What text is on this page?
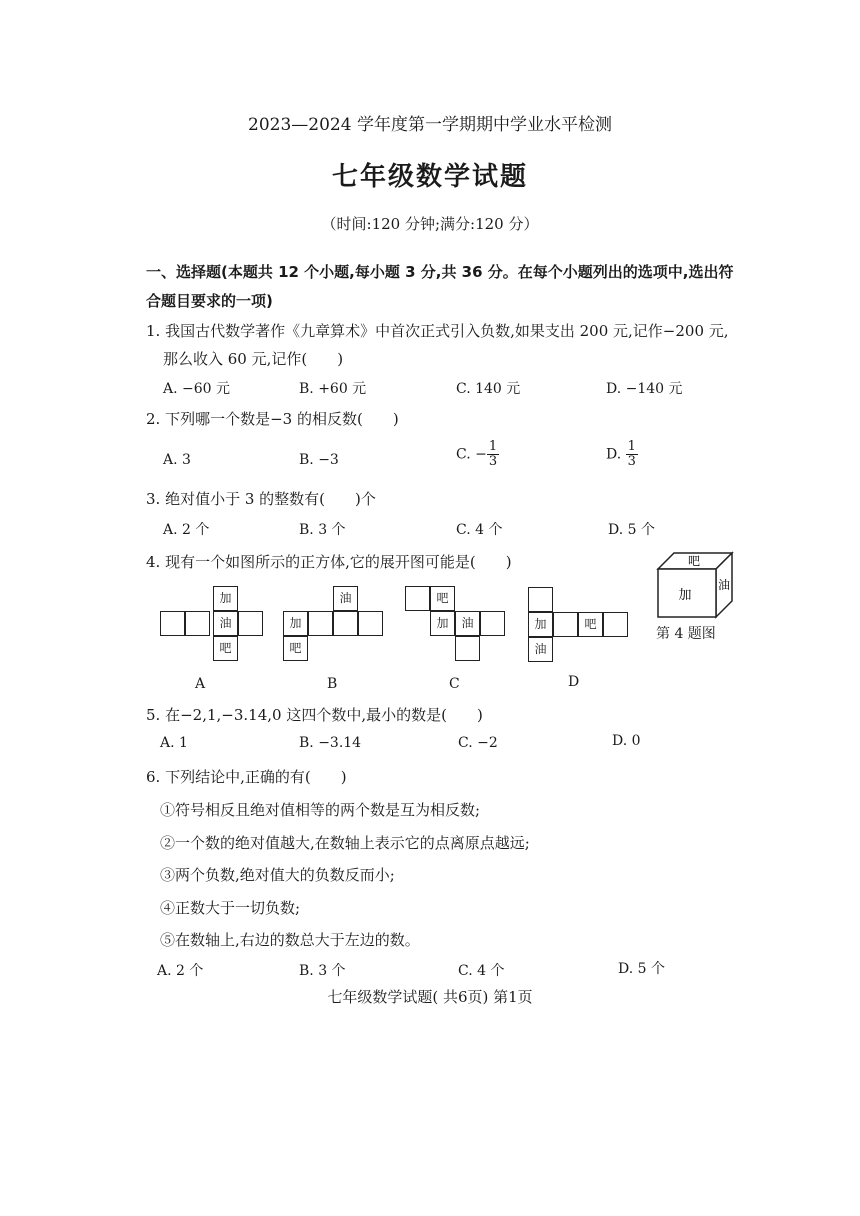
2023—2024 学年度第一学期期中学业水平检测
七年级数学试题
（时间:120 分钟;满分:120 分）
一、选择题(本题共 12 个小题,每小题 3 分,共 36 分。在每个小题列出的选项中,选出符
合题目要求的一项)
1. 我国古代数学著作《九章算术》中首次正式引入负数,如果支出 200 元,记作−200 元,
那么收入 60 元,记作(　　)
A. −60 元	B. +60 元	C. 140 元	D. −140 元
2. 下列哪一个数是−3 的相反数(　　)
A. 3	B. −3	C. − $\frac{1}{3}$	D. $\frac{1}{3}$
3. 绝对值小于 3 的整数有(　　)个
A. 2 个	B. 3 个	C. 4 个	D. 5 个
4. 现有一个如图所示的正方体,它的展开图可能是(　　)
加
油
吧
A
油
加
吧
B
吧
加	油
C
加	吧
油
D
吧
油
加
第 4 题图
5. 在−2,1,−3.14,0 这四个数中,最小的数是(　　)
A. 1	B. −3.14	C. −2	D. 0
6. 下列结论中,正确的有(　　)
①符号相反且绝对值相等的两个数是互为相反数;
②一个数的绝对值越大,在数轴上表示它的点离原点越远;
③两个负数,绝对值大的负数反而小;
④正数大于一切负数;
⑤在数轴上,右边的数总大于左边的数。
A. 2 个	B. 3 个	C. 4 个	D. 5 个
七年级数学试题( 共6页) 第1页
